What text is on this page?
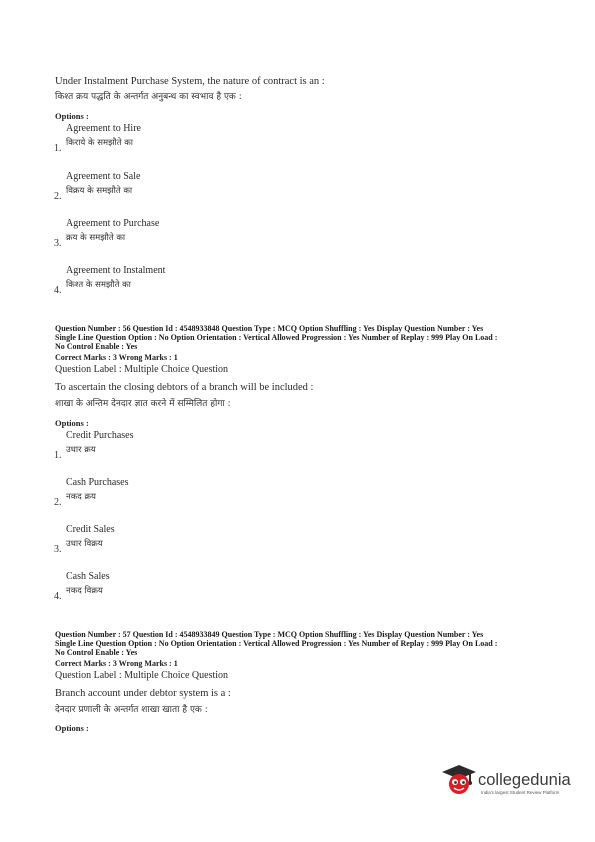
Under Instalment Purchase System, the nature of contract is an :
किश्त क्रय पद्धति के अन्तर्गत अनुबन्ध का स्वभाव है एक :
Options :
Agreement to Hire
किराये के समझौते का
1.
Agreement to Sale
विक्रय के समझौते का
2.
Agreement to Purchase
क्रय के समझौते का
3.
Agreement to Instalment
किश्त के समझौते का
4.
Question Number : 56 Question Id : 4548933848 Question Type : MCQ Option Shuffling : Yes Display Question Number : Yes
Single Line Question Option : No Option Orientation : Vertical Allowed Progression : Yes Number of Replay : 999 Play On Load :
No Control Enable : Yes
Correct Marks : 3 Wrong Marks : 1
Question Label : Multiple Choice Question
To ascertain the closing debtors of a branch will be included :
शाखा के अन्तिम देनदार ज्ञात करने में सम्मिलित होगा :
Options :
Credit Purchases
उधार क्रय
1.
Cash Purchases
नकद क्रय
2.
Credit Sales
उधार विक्रय
3.
Cash Sales
नकद विक्रय
4.
Question Number : 57 Question Id : 4548933849 Question Type : MCQ Option Shuffling : Yes Display Question Number : Yes
Single Line Question Option : No Option Orientation : Vertical Allowed Progression : Yes Number of Replay : 999 Play On Load :
No Control Enable : Yes
Correct Marks : 3 Wrong Marks : 1
Question Label : Multiple Choice Question
Branch account under debtor system is a :
देनदार प्रणाली के अन्तर्गत शाखा खाता है एक :
Options :
collegedunia
India's largest Student Review Platform
